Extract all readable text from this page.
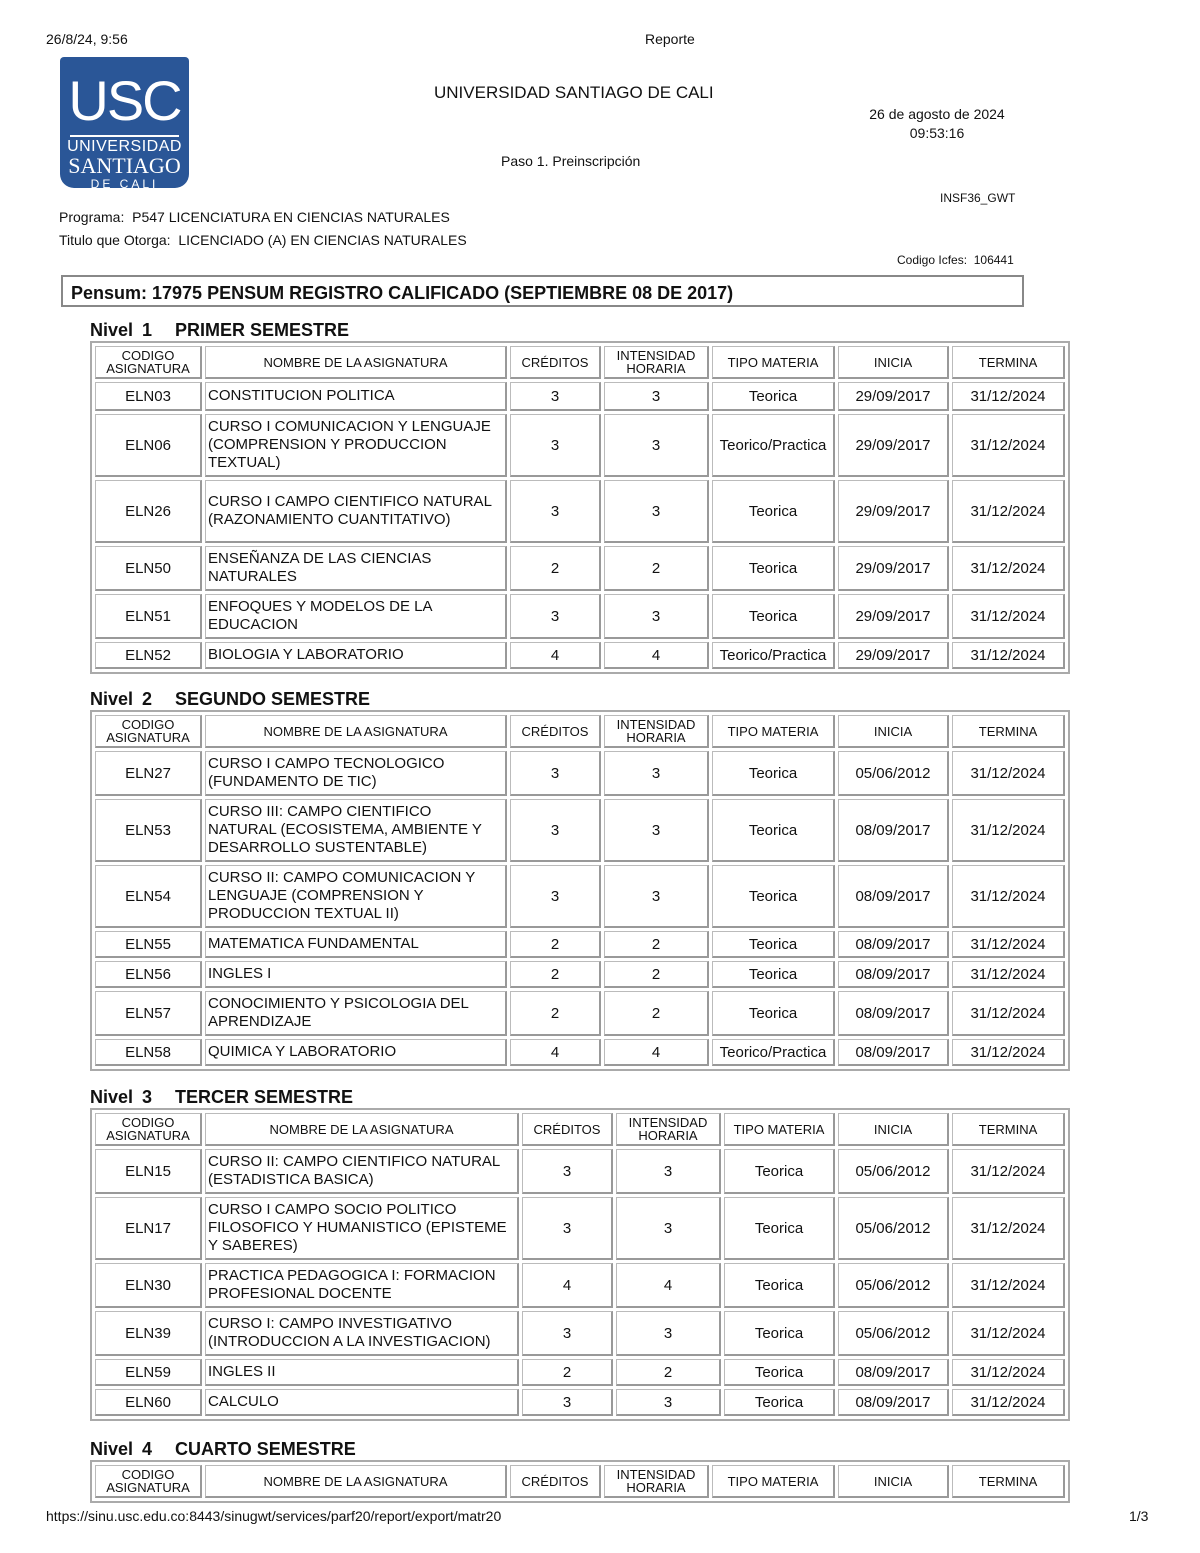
26/8/24, 9:56	Reporte
USC
UNIVERSIDAD
SANTIAGO
DE CALI
UNIVERSIDAD SANTIAGO DE CALI
26 de agosto de 2024
09:53:16
Paso 1. Preinscripción
INSF36_GWT
Programa: P547 LICENCIATURA EN CIENCIAS NATURALES
Titulo que Otorga: LICENCIADO (A) EN CIENCIAS NATURALES
Codigo Icfes: 106441
Pensum: 17975 PENSUM REGISTRO CALIFICADO (SEPTIEMBRE 08 DE 2017)
Nivel 1 PRIMER SEMESTRE
CODIGO ASIGNATURA	NOMBRE DE LA ASIGNATURA	CRÉDITOS	INTENSIDAD HORARIA	TIPO MATERIA	INICIA	TERMINA
ELN03	CONSTITUCION POLITICA	3	3	Teorica	29/09/2017	31/12/2024
ELN06	CURSO I COMUNICACION Y LENGUAJE (COMPRENSION Y PRODUCCION TEXTUAL)	3	3	Teorico/Practica	29/09/2017	31/12/2024
ELN26	CURSO I CAMPO CIENTIFICO NATURAL (RAZONAMIENTO CUANTITATIVO)	3	3	Teorica	29/09/2017	31/12/2024
ELN50	ENSEÑANZA DE LAS CIENCIAS NATURALES	2	2	Teorica	29/09/2017	31/12/2024
ELN51	ENFOQUES Y MODELOS DE LA EDUCACION	3	3	Teorica	29/09/2017	31/12/2024
ELN52	BIOLOGIA Y LABORATORIO	4	4	Teorico/Practica	29/09/2017	31/12/2024
Nivel 2 SEGUNDO SEMESTRE
CODIGO ASIGNATURA	NOMBRE DE LA ASIGNATURA	CRÉDITOS	INTENSIDAD HORARIA	TIPO MATERIA	INICIA	TERMINA
ELN27	CURSO I CAMPO TECNOLOGICO (FUNDAMENTO DE TIC)	3	3	Teorica	05/06/2012	31/12/2024
ELN53	CURSO III: CAMPO CIENTIFICO NATURAL (ECOSISTEMA, AMBIENTE Y DESARROLLO SUSTENTABLE)	3	3	Teorica	08/09/2017	31/12/2024
ELN54	CURSO II: CAMPO COMUNICACION Y LENGUAJE (COMPRENSION Y PRODUCCION TEXTUAL II)	3	3	Teorica	08/09/2017	31/12/2024
ELN55	MATEMATICA FUNDAMENTAL	2	2	Teorica	08/09/2017	31/12/2024
ELN56	INGLES I	2	2	Teorica	08/09/2017	31/12/2024
ELN57	CONOCIMIENTO Y PSICOLOGIA DEL APRENDIZAJE	2	2	Teorica	08/09/2017	31/12/2024
ELN58	QUIMICA Y LABORATORIO	4	4	Teorico/Practica	08/09/2017	31/12/2024
Nivel 3 TERCER SEMESTRE
CODIGO ASIGNATURA	NOMBRE DE LA ASIGNATURA	CRÉDITOS	INTENSIDAD HORARIA	TIPO MATERIA	INICIA	TERMINA
ELN15	CURSO II: CAMPO CIENTIFICO NATURAL (ESTADISTICA BASICA)	3	3	Teorica	05/06/2012	31/12/2024
ELN17	CURSO I CAMPO SOCIO POLITICO FILOSOFICO Y HUMANISTICO (EPISTEME Y SABERES)	3	3	Teorica	05/06/2012	31/12/2024
ELN30	PRACTICA PEDAGOGICA I: FORMACION PROFESIONAL DOCENTE	4	4	Teorica	05/06/2012	31/12/2024
ELN39	CURSO I: CAMPO INVESTIGATIVO (INTRODUCCION A LA INVESTIGACION)	3	3	Teorica	05/06/2012	31/12/2024
ELN59	INGLES II	2	2	Teorica	08/09/2017	31/12/2024
ELN60	CALCULO	3	3	Teorica	08/09/2017	31/12/2024
Nivel 4 CUARTO SEMESTRE
CODIGO ASIGNATURA	NOMBRE DE LA ASIGNATURA	CRÉDITOS	INTENSIDAD HORARIA	TIPO MATERIA	INICIA	TERMINA
https://sinu.usc.edu.co:8443/sinugwt/services/parf20/report/export/matr20	1/3
